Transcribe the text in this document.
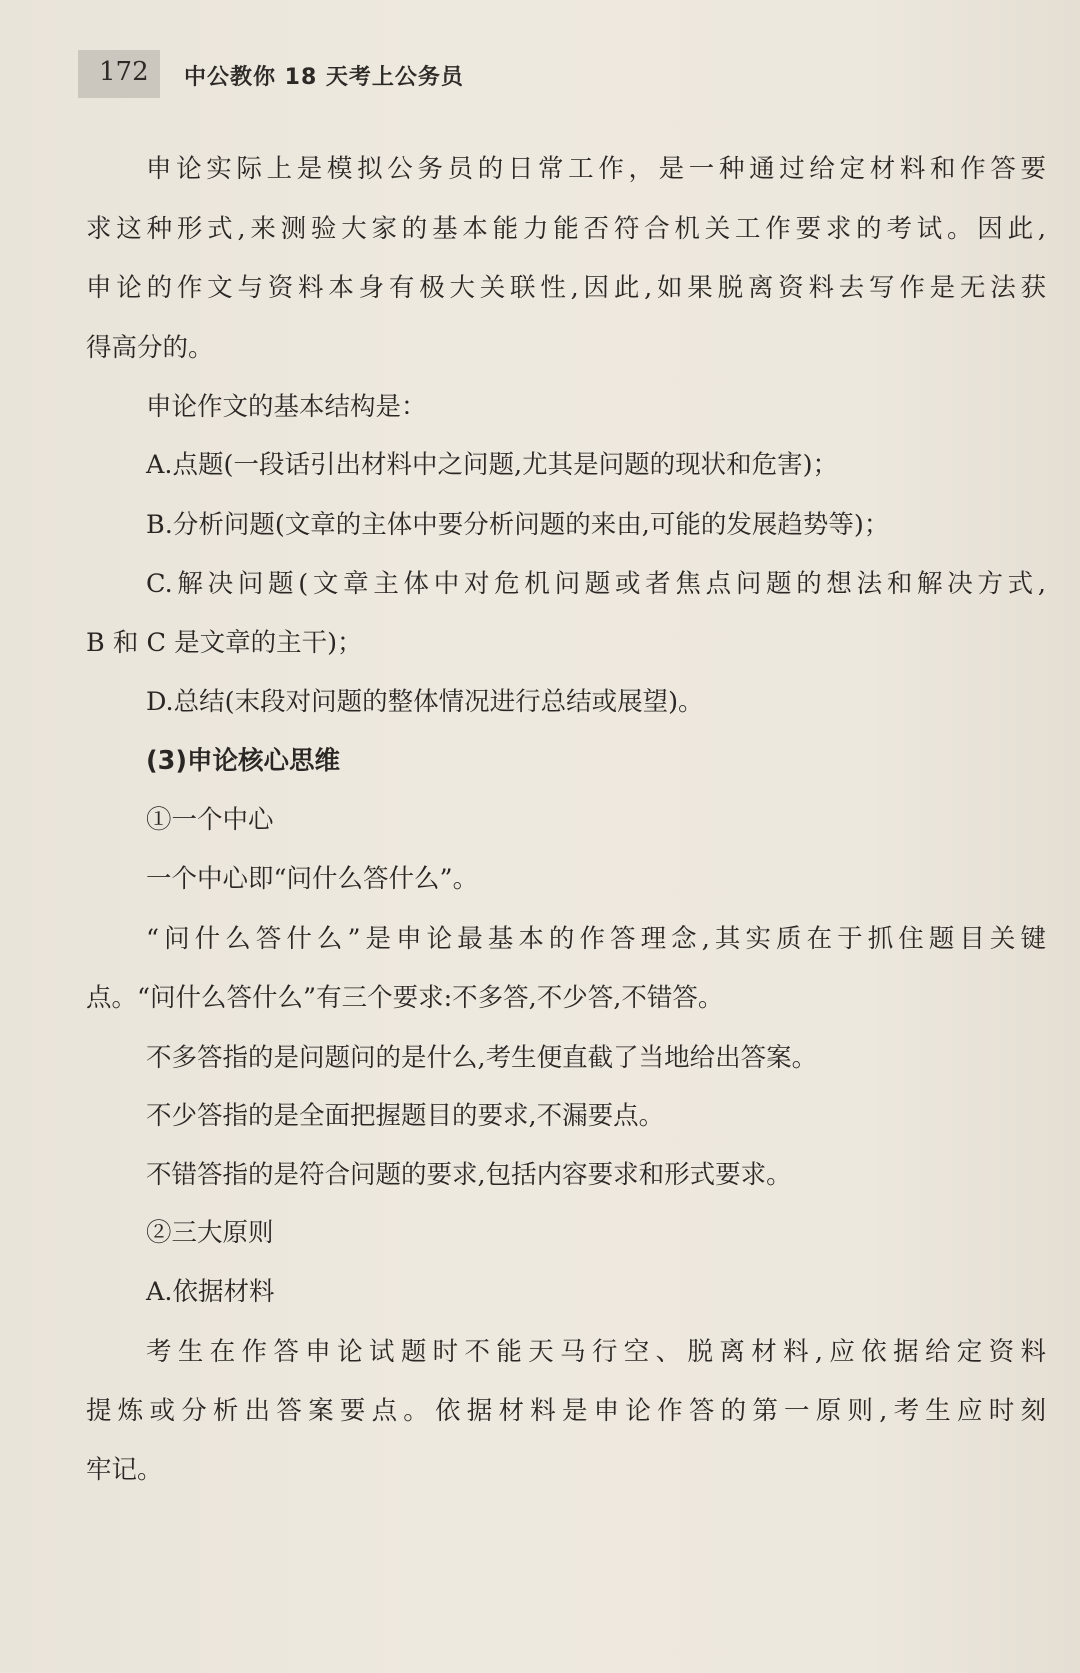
172 中公教你 18 天考上公务员
申论实际上是模拟公务员的日常工作，是一种通过给定材料和作答要
求这种形式,来测验大家的基本能力能否符合机关工作要求的考试。因此,
申论的作文与资料本身有极大关联性,因此,如果脱离资料去写作是无法获
得高分的。
申论作文的基本结构是：
A.点题(一段话引出材料中之问题,尤其是问题的现状和危害)；
B.分析问题(文章的主体中要分析问题的来由,可能的发展趋势等)；
C.解决问题(文章主体中对危机问题或者焦点问题的想法和解决方式,
B 和 C 是文章的主干)；
D.总结(末段对问题的整体情况进行总结或展望)。
(3)申论核心思维
①一个中心
一个中心即“问什么答什么”。
“问什么答什么”是申论最基本的作答理念,其实质在于抓住题目关键
点。“问什么答什么”有三个要求:不多答,不少答,不错答。
不多答指的是问题问的是什么,考生便直截了当地给出答案。
不少答指的是全面把握题目的要求,不漏要点。
不错答指的是符合问题的要求,包括内容要求和形式要求。
②三大原则
A.依据材料
考生在作答申论试题时不能天马行空、脱离材料,应依据给定资料
提炼或分析出答案要点。依据材料是申论作答的第一原则,考生应时刻
牢记。
